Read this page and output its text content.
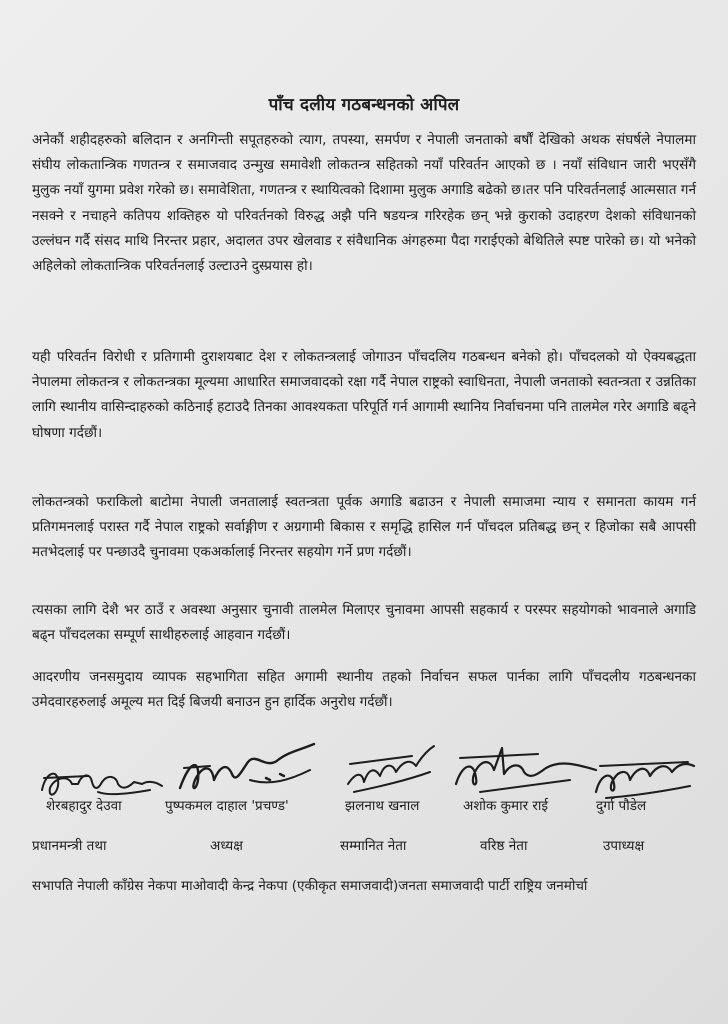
पाँच दलीय गठबन्धनको अपिल

अनेकौं शहीदहरुको बलिदान र अनगिन्ती सपूतहरुको त्याग, तपस्या, समर्पण र नेपाली जनताको बर्षौं देखिको अथक संघर्षले नेपालमा संघीय लोकतान्त्रिक गणतन्त्र र समाजवाद उन्मुख समावेशी लोकतन्त्र सहितको नयाँ परिवर्तन आएको छ । नयाँ संविधान जारी भएसँगै मुलुक नयाँ युगमा प्रवेश गरेको छ। समावेशिता, गणतन्त्र र स्थायित्वको दिशामा मुलुक अगाडि बढेको छ।तर पनि परिवर्तनलाई आत्मसात गर्न नसक्ने र नचाहने कतिपय शक्तिहरु यो परिवर्तनको विरुद्ध अझै पनि षडयन्त्र गरिरहेक छन् भन्ने कुराको उदाहरण देशको संविधानको उल्लंघन गर्दै संसद माथि निरन्तर प्रहार, अदालत उपर खेलवाड र संवैधानिक अंगहरुमा पैदा गराईएको बेथितिले स्पष्ट पारेको छ। यो भनेको अहिलेको लोकतान्त्रिक परिवर्तनलाई उल्टाउने दुस्प्रयास हो।

यही परिवर्तन विरोधी र प्रतिगामी दुराशयबाट देश र लोकतन्त्रलाई जोगाउन पाँचदलिय गठबन्धन बनेको हो। पाँचदलको यो ऐक्यबद्धता नेपालमा लोकतन्त्र र लोकतन्त्रका मूल्यमा आधारित समाजवादको रक्षा गर्दै नेपाल राष्ट्रको स्वाधिनता, नेपाली जनताको स्वतन्त्रता र उन्नतिका लागि स्थानीय वासिन्दाहरुको कठिनाई हटाउदै तिनका आवश्यकता परिपूर्ति गर्न आगामी स्थानिय निर्वाचनमा पनि तालमेल गरेर अगाडि बढ्ने घोषणा गर्दछौं।

लोकतन्त्रको फराकिलो बाटोमा नेपाली जनतालाई स्वतन्त्रता पूर्वक अगाडि बढाउन र नेपाली समाजमा न्याय र समानता कायम गर्न प्रतिगमनलाई परास्त गर्दै नेपाल राष्ट्रको सर्वाङ्गीण र अग्रगामी बिकास र समृद्धि हासिल गर्न पाँचदल प्रतिबद्ध छन् र हिजोका सबै आपसी मतभेदलाई पर पन्छाउदै चुनावमा एकअर्कालाई निरन्तर सहयोग गर्ने प्रण गर्दछौं।

त्यसका लागि देशै भर ठाउँ र अवस्था अनुसार चुनावी तालमेल मिलाएर चुनावमा आपसी सहकार्य र परस्पर सहयोगको भावनाले अगाडि बढ्न पाँचदलका सम्पूर्ण साथीहरुलाई आहवान गर्दछौं।

आदरणीय जनसमुदाय व्यापक सहभागिता सहित अगामी स्थानीय तहको निर्वाचन सफल पार्नका लागि पाँचदलीय गठबन्धनका उमेदवारहरुलाई अमूल्य मत दिई बिजयी बनाउन हुन हार्दिक अनुरोध गर्दछौं।

शेरबहादुर देउवा	पुष्पकमल दाहाल 'प्रचण्ड'	झलनाथ खनाल	अशोक कुमार राई	दुर्गा पौडेल
प्रधानमन्त्री तथा	अध्यक्ष	सम्मानित नेता	वरिष्ठ नेता	उपाध्यक्ष
सभापति नेपाली काँग्रेस नेकपा माओवादी केन्द्र नेकपा (एकीकृत समाजवादी)जनता समाजवादी पार्टी राष्ट्रिय जनमोर्चा
